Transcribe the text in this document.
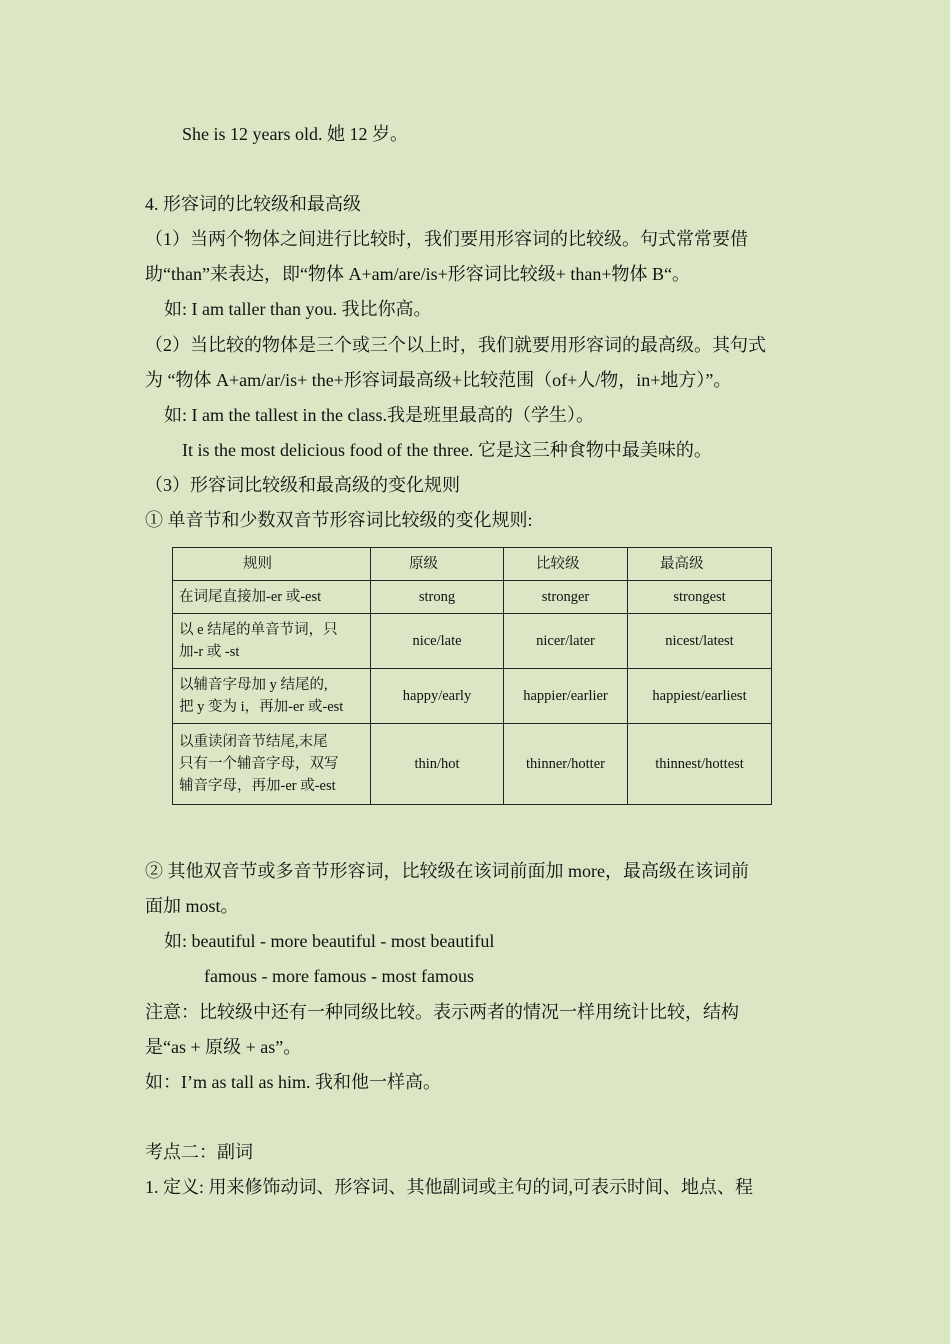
She is 12 years old. 她 12 岁。
4. 形容词的比较级和最高级
（1）当两个物体之间进行比较时，我们要用形容词的比较级。句式常常要借
助“than”来表达，即“物体 A+am/are/is+形容词比较级+ than+物体 B“。
如: I am taller than you. 我比你高。
（2）当比较的物体是三个或三个以上时，我们就要用形容词的最高级。其句式
为 “物体 A+am/ar/is+ the+形容词最高级+比较范围（of+人/物，in+地方）”。
如: I am the tallest in the class.我是班里最高的（学生）。
It is the most delicious food of the three. 它是这三种食物中最美味的。
（3）形容词比较级和最高级的变化规则
① 单音节和少数双音节形容词比较级的变化规则:
规则	原级	比较级	最高级
在词尾直接加-er 或-est	strong	stronger	strongest
以 e 结尾的单音节词，只
加-r 或 -st	nice/late	nicer/later	nicest/latest
以辅音字母加 y 结尾的,
把 y 变为 i，再加-er 或-est	happy/early	happier/earlier	happiest/earliest
以重读闭音节结尾,末尾
只有一个辅音字母，双写
辅音字母，再加-er 或-est	thin/hot	thinner/hotter	thinnest/hottest
② 其他双音节或多音节形容词，比较级在该词前面加 more，最高级在该词前
面加 most。
如: beautiful - more beautiful - most beautiful
famous - more famous - most famous
注意：比较级中还有一种同级比较。表示两者的情况一样用统计比较，结构
是“as + 原级 + as”。
如：I’m as tall as him. 我和他一样高。
考点二：副词
1. 定义: 用来修饰动词、形容词、其他副词或主句的词,可表示时间、地点、程
